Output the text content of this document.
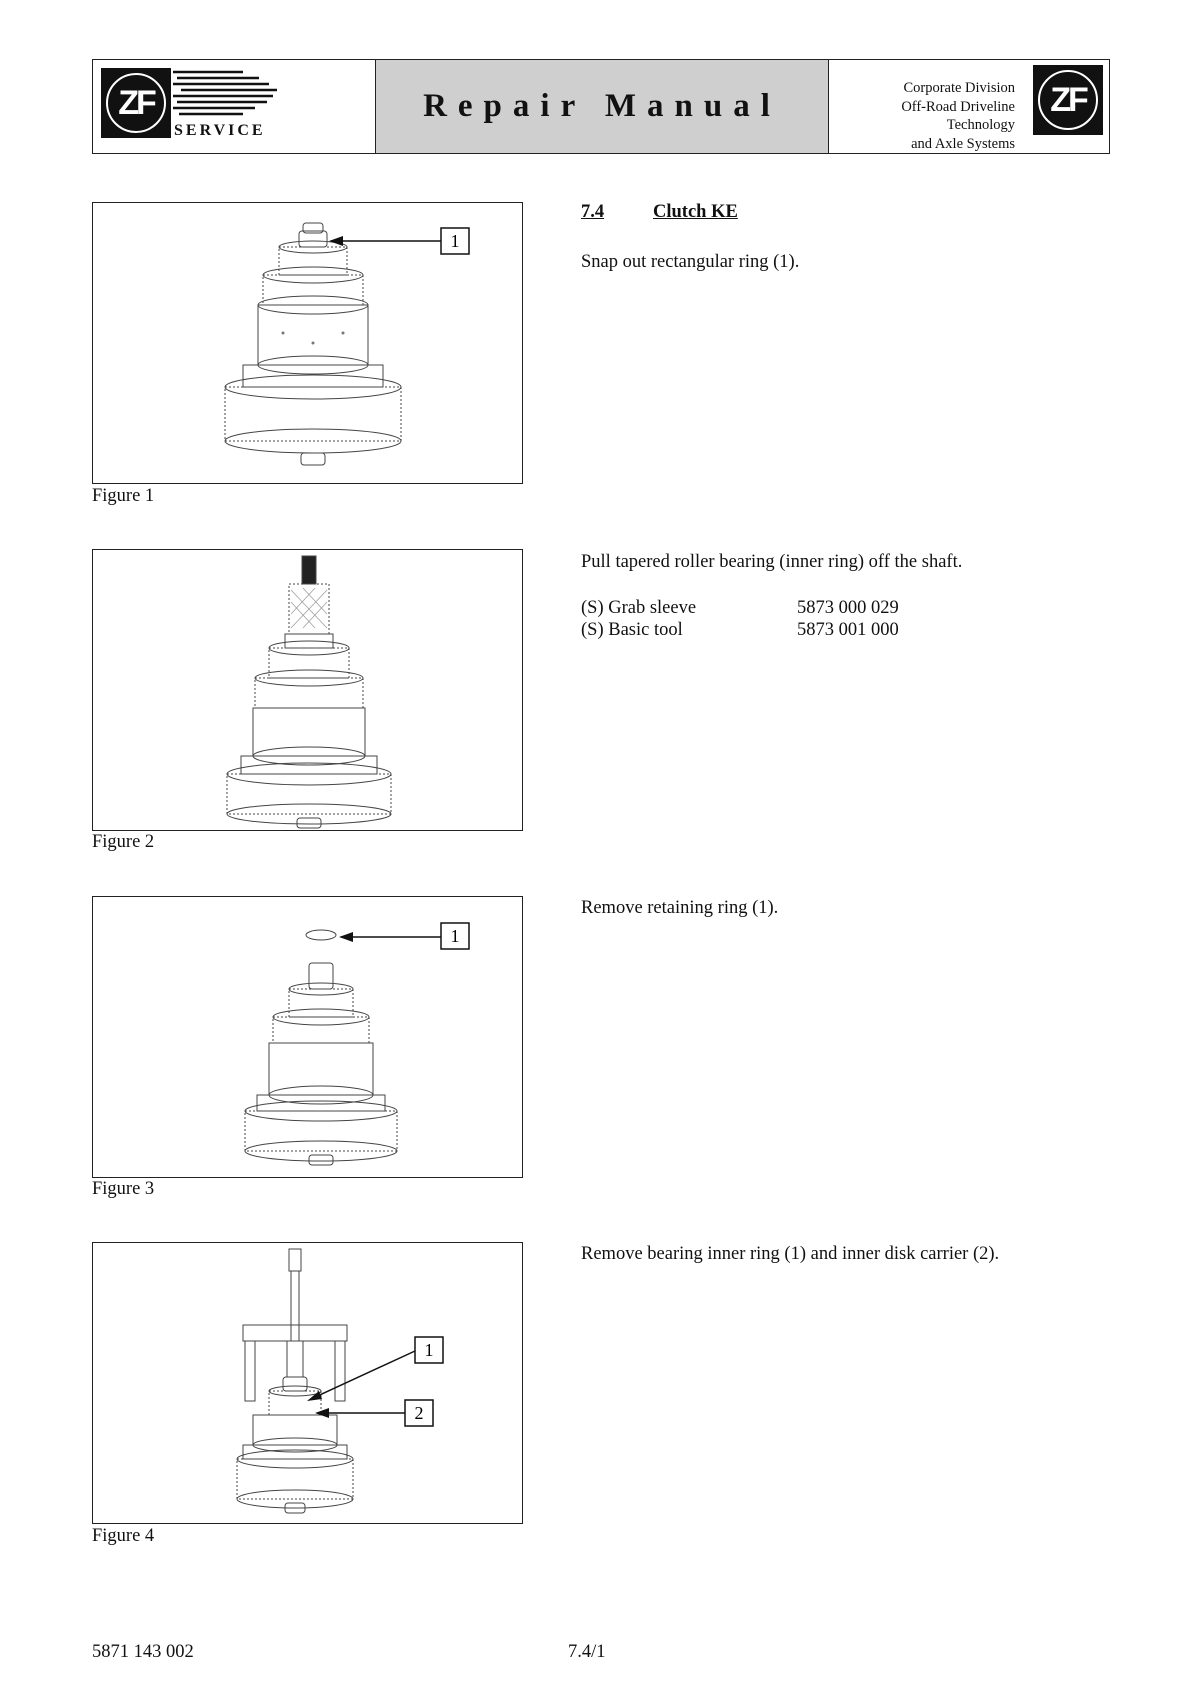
ZF
SERVICE
Repair Manual	Corporate Division
Off-Road Driveline
Technology
and Axle Systems
ZF
7.4	Clutch KE
1
Figure 1
Snap out rectangular ring (1).
Figure 2
Pull tapered roller bearing (inner ring) off the shaft.
(S) Grab sleeve	5873 000 029
(S) Basic tool	5873 001 000
1
Figure 3
Remove retaining ring (1).
1
2
Figure 4
Remove bearing inner ring (1) and inner disk carrier (2).
5871 143 002	7.4/1
